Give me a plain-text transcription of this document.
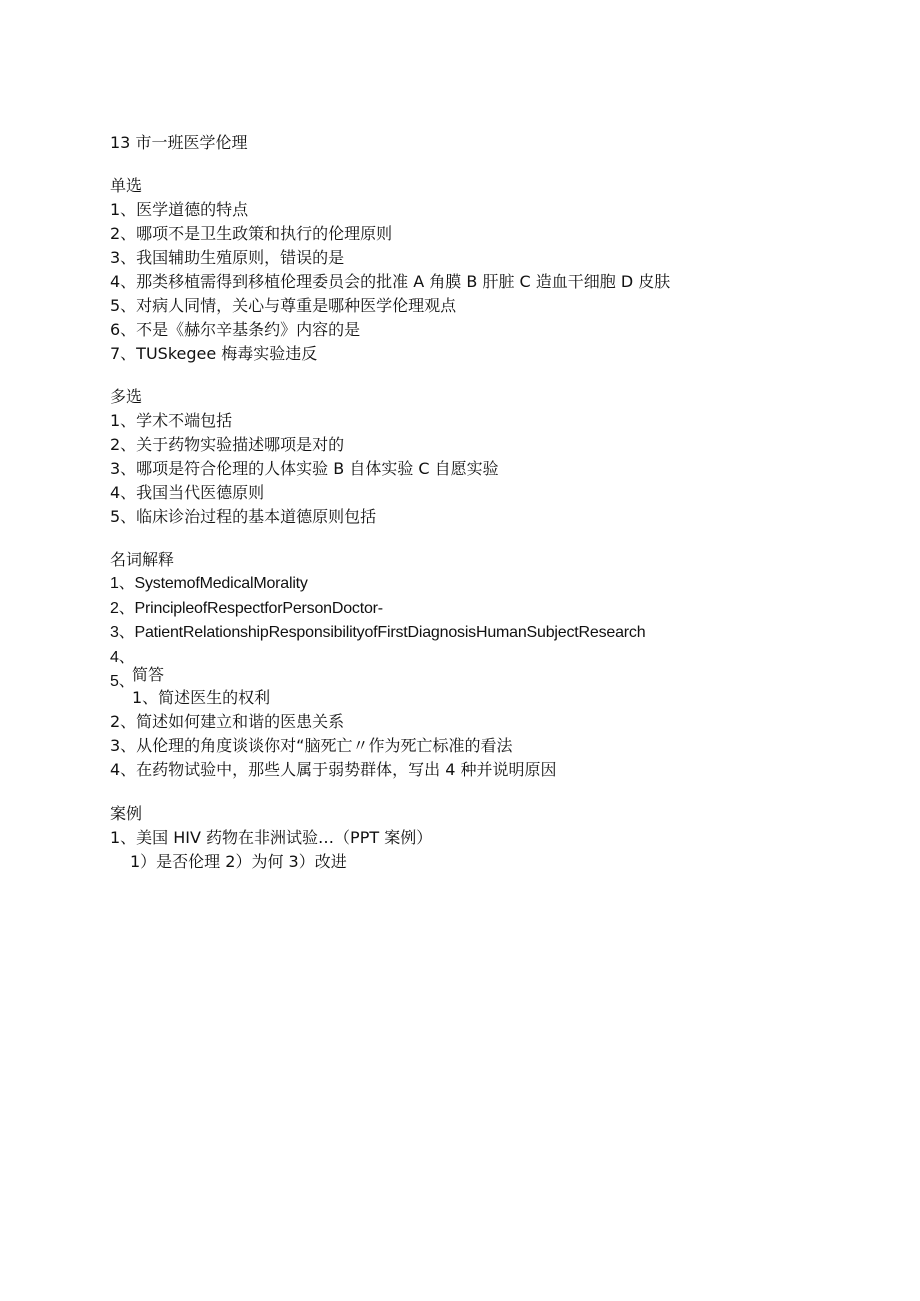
13 市一班医学伦理
单选
1、医学道德的特点
2、哪项不是卫生政策和执行的伦理原则
3、我国辅助生殖原则，错误的是
4、那类移植需得到移植伦理委员会的批准 A 角膜 B 肝脏 C 造血干细胞 D 皮肤
5、对病人同情，关心与尊重是哪种医学伦理观点
6、不是《赫尔辛基条约》内容的是
7、TUSkegee 梅毒实验违反
多选
1、学术不端包括
2、关于药物实验描述哪项是对的
3、哪项是符合伦理的人体实验 B 自体实验 C 自愿实验
4、我国当代医德原则
5、临床诊治过程的基本道德原则包括
名词解释
1、SystemofMedicalMorality
2、PrincipleofRespectforPersonDoctor-
3、PatientRelationshipResponsibilityofFirstDiagnosisHumanSubjectResearch
4、
5、
简答
1、简述医生的权利
2、简述如何建立和谐的医患关系
3、从伦理的角度谈谈你对“脑死亡〃作为死亡标准的看法
4、在药物试验中，那些人属于弱势群体，写出 4 种并说明原因
案例
1、美国 HIV 药物在非洲试验…（PPT 案例）
1）是否伦理 2）为何 3）改进
